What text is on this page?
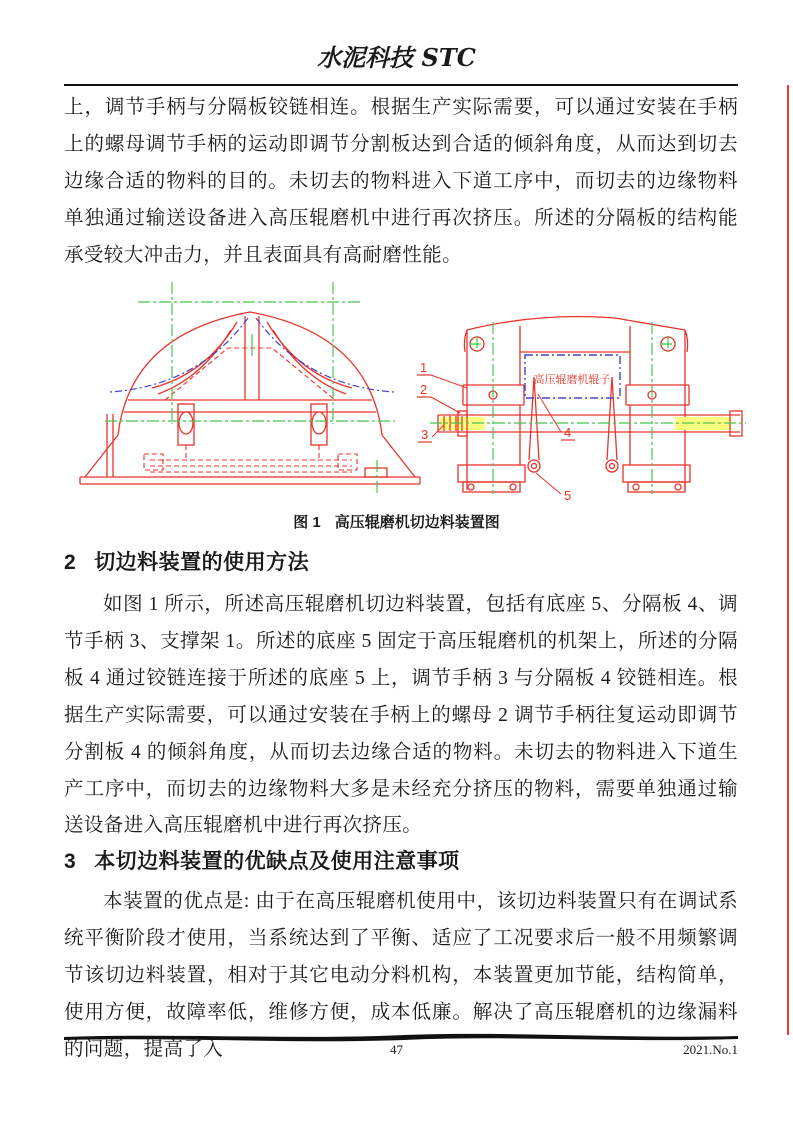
水泥科技 STC
上，调节手柄与分隔板铰链相连。根据生产实际需要，可以通过安装在手柄上的螺母调节手柄的运动即调节分割板达到合适的倾斜角度，从而达到切去边缘合适的物料的目的。未切去的物料进入下道工序中，而切去的边缘物料单独通过输送设备进入高压辊磨机中进行再次挤压。所述的分隔板的结构能承受较大冲击力，并且表面具有高耐磨性能。
高压辊磨机辊子
1
2
3	4
5
图 1 高压辊磨机切边料装置图
2 切边料装置的使用方法
如图 1 所示，所述高压辊磨机切边料装置，包括有底座 5、分隔板 4、调节手柄 3、支撑架 1。所述的底座 5 固定于高压辊磨机的机架上，所述的分隔板 4 通过铰链连接于所述的底座 5 上，调节手柄 3 与分隔板 4 铰链相连。根据生产实际需要，可以通过安装在手柄上的螺母 2 调节手柄往复运动即调节分割板 4 的倾斜角度，从而切去边缘合适的物料。未切去的物料进入下道生产工序中，而切去的边缘物料大多是未经充分挤压的物料，需要单独通过输送设备进入高压辊磨机中进行再次挤压。
3 本切边料装置的优缺点及使用注意事项
本装置的优点是: 由于在高压辊磨机使用中，该切边料装置只有在调试系统平衡阶段才使用，当系统达到了平衡、适应了工况要求后一般不用频繁调节该切边料装置，相对于其它电动分料机构，本装置更加节能，结构简单，使用方便，故障率低，维修方便，成本低廉。解决了高压辊磨机的边缘漏料的问题，提高了入	47	2021.No.1
